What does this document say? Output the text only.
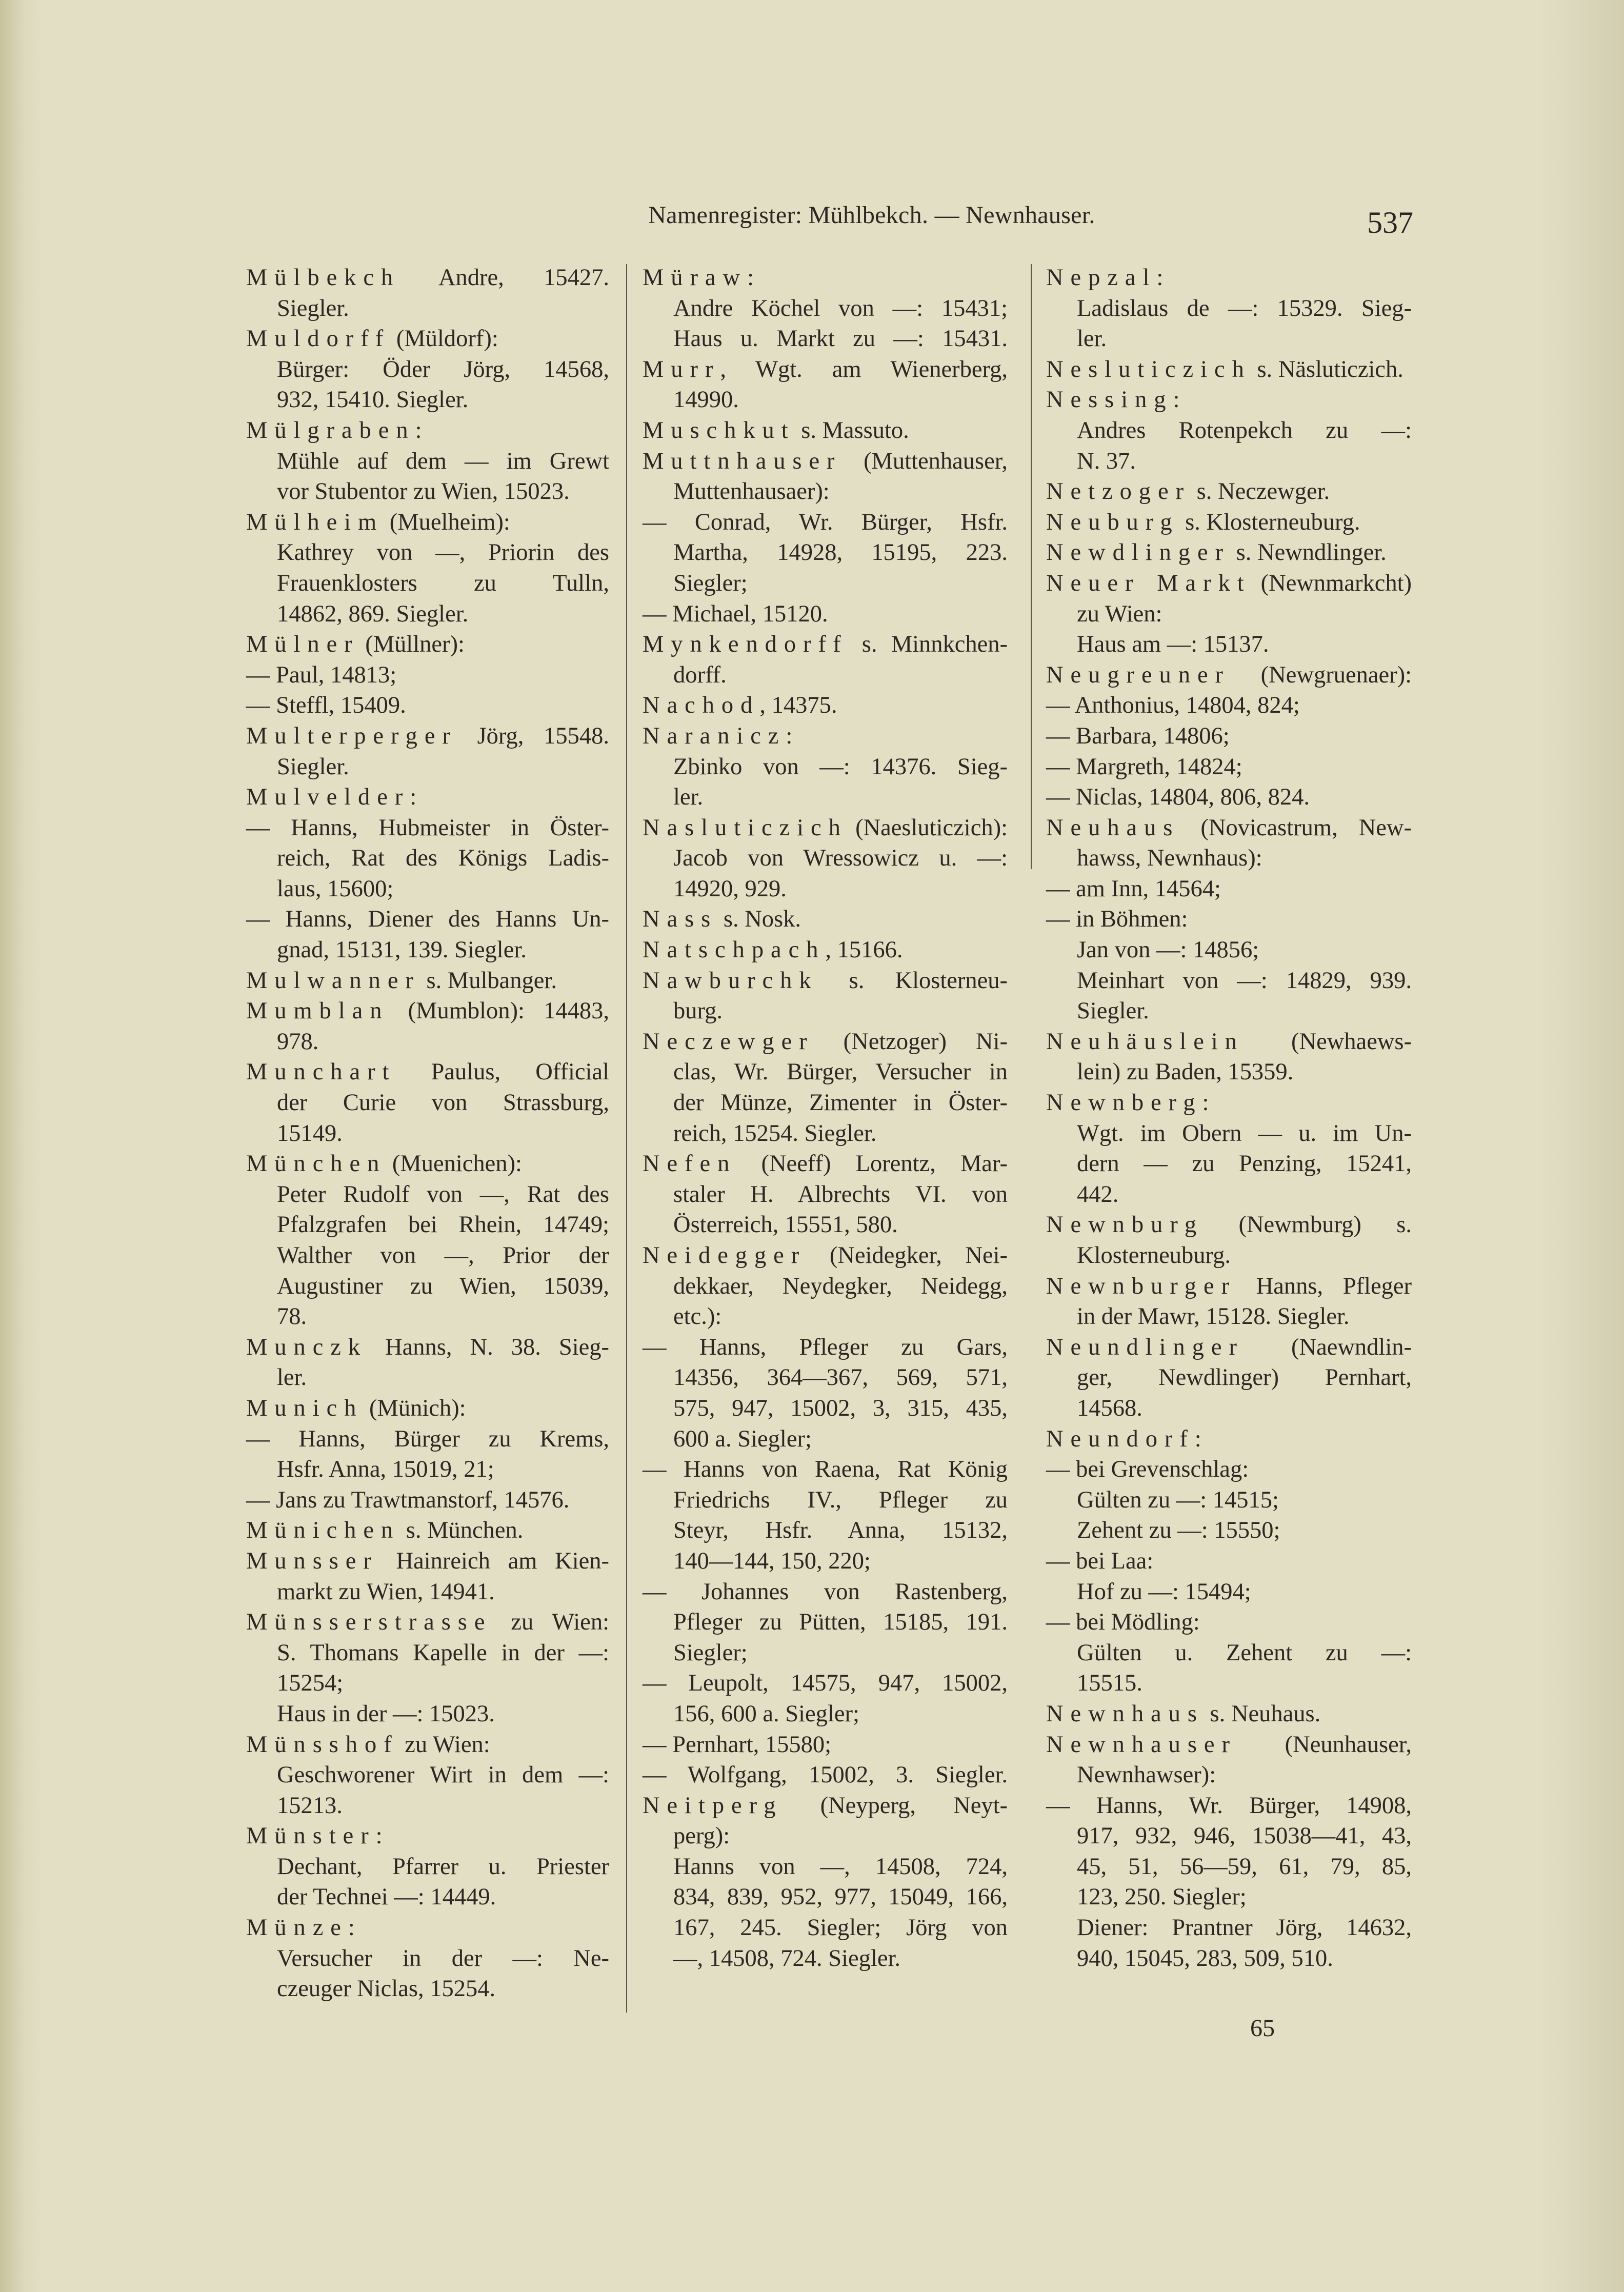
Namenregister: Mühlbekch. — Newnhauser.	537
Mülbekch Andre, 15427.
Siegler.
Muldorff (Müldorf):
Bürger: Öder Jörg, 14568,
932, 15410. Siegler.
Mülgraben:
Mühle auf dem — im Grewt
vor Stubentor zu Wien, 15023.
Mülheim (Muelheim):
Kathrey von —, Priorin des
Frauenklosters zu Tulln,
14862, 869. Siegler.
Mülner (Müllner):
— Paul, 14813;
— Steffl, 15409.
Multerperger Jörg, 15548.
Siegler.
Mulvelder:
— Hanns, Hubmeister in Öster-
reich, Rat des Königs Ladis-
laus, 15600;
— Hanns, Diener des Hanns Un-
gnad, 15131, 139. Siegler.
Mulwanner s. Mulbanger.
Mumblan (Mumblon): 14483,
978.
Munchart Paulus, Official
der Curie von Strassburg,
15149.
München (Muenichen):
Peter Rudolf von —, Rat des
Pfalzgrafen bei Rhein, 14749;
Walther von —, Prior der
Augustiner zu Wien, 15039,
78.
Munczk Hanns, N. 38. Sieg-
ler.
Munich (Münich):
— Hanns, Bürger zu Krems,
Hsfr. Anna, 15019, 21;
— Jans zu Trawtmanstorf, 14576.
Münichen s. München.
Munsser Hainreich am Kien-
markt zu Wien, 14941.
Münsserstrasse zu Wien:
S. Thomans Kapelle in der —:
15254;
Haus in der —: 15023.
Münsshof zu Wien:
Geschworener Wirt in dem —:
15213.
Münster:
Dechant, Pfarrer u. Priester
der Technei —: 14449.
Münze:
Versucher in der —: Ne-
czeuger Niclas, 15254.
Müraw:
Andre Köchel von —: 15431;
Haus u. Markt zu —: 15431.
Murr, Wgt. am Wienerberg,
14990.
Muschkut s. Massuto.
Muttnhauser (Muttenhauser,
Muttenhausaer):
— Conrad, Wr. Bürger, Hsfr.
Martha, 14928, 15195, 223.
Siegler;
— Michael, 15120.
Mynkendorff s. Minnkchen-
dorff.
Nachod, 14375.
Naranicz:
Zbinko von —: 14376. Sieg-
ler.
Nasluticzich (Naesluticzich):
Jacob von Wressowicz u. —:
14920, 929.
Nass s. Nosk.
Natschpach, 15166.
Nawburchk s. Klosterneu-
burg.
Neczewger (Netzoger) Ni-
clas, Wr. Bürger, Versucher in
der Münze, Zimenter in Öster-
reich, 15254. Siegler.
Nefen (Neeff) Lorentz, Mar-
staler H. Albrechts VI. von
Österreich, 15551, 580.
Neidegger (Neidegker, Nei-
dekkaer, Neydegker, Neidegg,
etc.):
— Hanns, Pfleger zu Gars,
14356, 364—367, 569, 571,
575, 947, 15002, 3, 315, 435,
600 a. Siegler;
— Hanns von Raena, Rat König
Friedrichs IV., Pfleger zu
Steyr, Hsfr. Anna, 15132,
140—144, 150, 220;
— Johannes von Rastenberg,
Pfleger zu Pütten, 15185, 191.
Siegler;
— Leupolt, 14575, 947, 15002,
156, 600 a. Siegler;
— Pernhart, 15580;
— Wolfgang, 15002, 3. Siegler.
Neitperg (Neyperg, Neyt-
perg):
Hanns von —, 14508, 724,
834, 839, 952, 977, 15049, 166,
167, 245. Siegler; Jörg von
—, 14508, 724. Siegler.
Nepzal:
Ladislaus de —: 15329. Sieg-
ler.
Nesluticzich s. Näsluticzich.
Nessing:
Andres Rotenpekch zu —:
N. 37.
Netzoger s. Neczewger.
Neuburg s. Klosterneuburg.
Newdlinger s. Newndlinger.
Neuer Markt (Newnmarkcht)
zu Wien:
Haus am —: 15137.
Neugreuner (Newgruenaer):
— Anthonius, 14804, 824;
— Barbara, 14806;
— Margreth, 14824;
— Niclas, 14804, 806, 824.
Neuhaus (Novicastrum, New-
hawss, Newnhaus):
— am Inn, 14564;
— in Böhmen:
Jan von —: 14856;
Meinhart von —: 14829, 939.
Siegler.
Neuhäuslein (Newhaews-
lein) zu Baden, 15359.
Newnberg:
Wgt. im Obern — u. im Un-
dern — zu Penzing, 15241,
442.
Newnburg (Newmburg) s.
Klosterneuburg.
Newnburger Hanns, Pfleger
in der Mawr, 15128. Siegler.
Neundlinger (Naewndlin-
ger, Newdlinger) Pernhart,
14568.
Neundorf:
— bei Grevenschlag:
Gülten zu —: 14515;
Zehent zu —: 15550;
— bei Laa:
Hof zu —: 15494;
— bei Mödling:
Gülten u. Zehent zu —:
15515.
Newnhaus s. Neuhaus.
Newnhauser (Neunhauser,
Newnhawser):
— Hanns, Wr. Bürger, 14908,
917, 932, 946, 15038—41, 43,
45, 51, 56—59, 61, 79, 85,
123, 250. Siegler;
Diener: Prantner Jörg, 14632,
940, 15045, 283, 509, 510.
65
